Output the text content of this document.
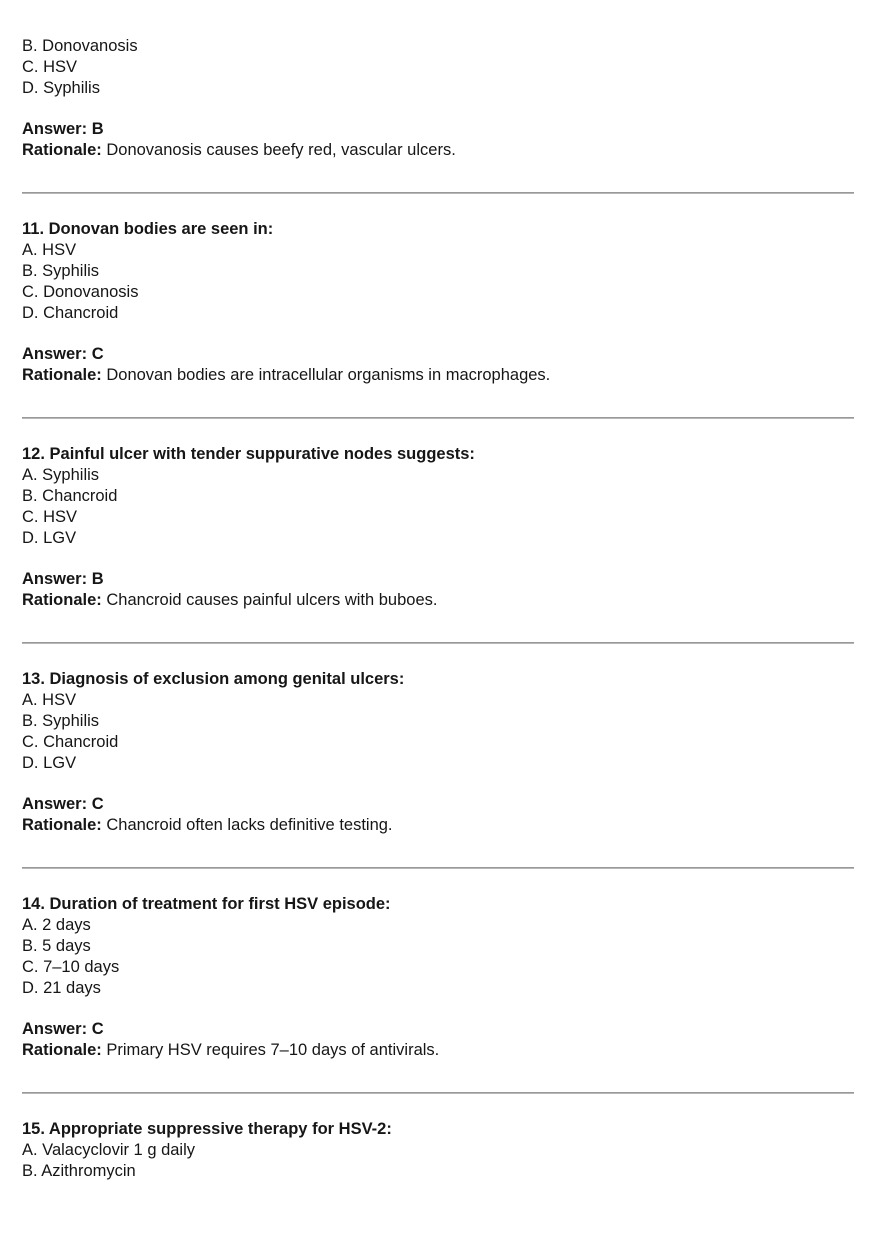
B. Donovanosis
C. HSV
D. Syphilis

Answer: B

Rationale: Donovanosis causes beefy red, vascular ulcers.

11. Donovan bodies are seen in:
A. HSV
B. Syphilis
C. Donovanosis
D. Chancroid

Answer: C

Rationale: Donovan bodies are intracellular organisms in macrophages.

12. Painful ulcer with tender suppurative nodes suggests:
A. Syphilis
B. Chancroid
C. HSV
D. LGV

Answer: B

Rationale: Chancroid causes painful ulcers with buboes.

13. Diagnosis of exclusion among genital ulcers:
A. HSV
B. Syphilis
C. Chancroid
D. LGV

Answer: C

Rationale: Chancroid often lacks definitive testing.

14. Duration of treatment for first HSV episode:
A. 2 days
B. 5 days
C. 7–10 days
D. 21 days

Answer: C

Rationale: Primary HSV requires 7–10 days of antivirals.

15. Appropriate suppressive therapy for HSV-2:
A. Valacyclovir 1 g daily
B. Azithromycin
